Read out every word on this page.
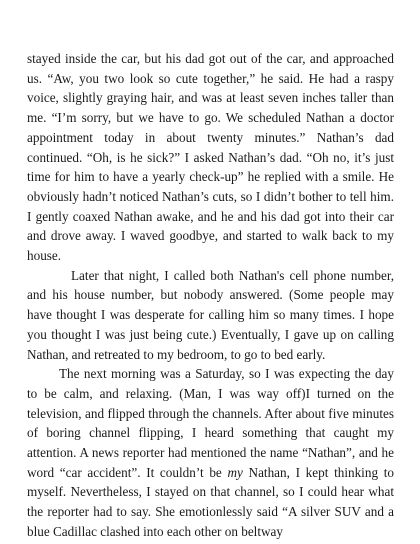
stayed inside the car, but his dad got out of the car, and approached us. “Aw, you two look so cute together,” he said. He had a raspy voice, slightly graying hair, and was at least seven inches taller than me. “I’m sorry, but we have to go. We scheduled Nathan a doctor appointment today in about twenty minutes.” Nathan’s dad continued. “Oh, is he sick?” I asked Nathan’s dad. “Oh no, it’s just time for him to have a yearly check-up” he replied with a smile. He obviously hadn’t noticed Nathan’s cuts, so I didn’t bother to tell him. I gently coaxed Nathan awake, and he and his dad got into their car and drove away. I waved goodbye, and started to walk back to my house.

Later that night, I called both Nathan's cell phone number, and his house number, but nobody answered. (Some people may have thought I was desperate for calling him so many times. I hope you thought I was just being cute.) Eventually, I gave up on calling Nathan, and retreated to my bedroom, to go to bed early.

The next morning was a Saturday, so I was expecting the day to be calm, and relaxing. (Man, I was way off)I turned on the television, and flipped through the channels. After about five minutes of boring channel flipping, I heard something that caught my attention. A news reporter had mentioned the name “Nathan”, and he word “car accident”. It couldn’t be my Nathan, I kept thinking to myself. Nevertheless, I stayed on that channel, so I could hear what the reporter had to say. She emotionlessly said “A silver SUV and a blue Cadillac clashed into each other on beltway
